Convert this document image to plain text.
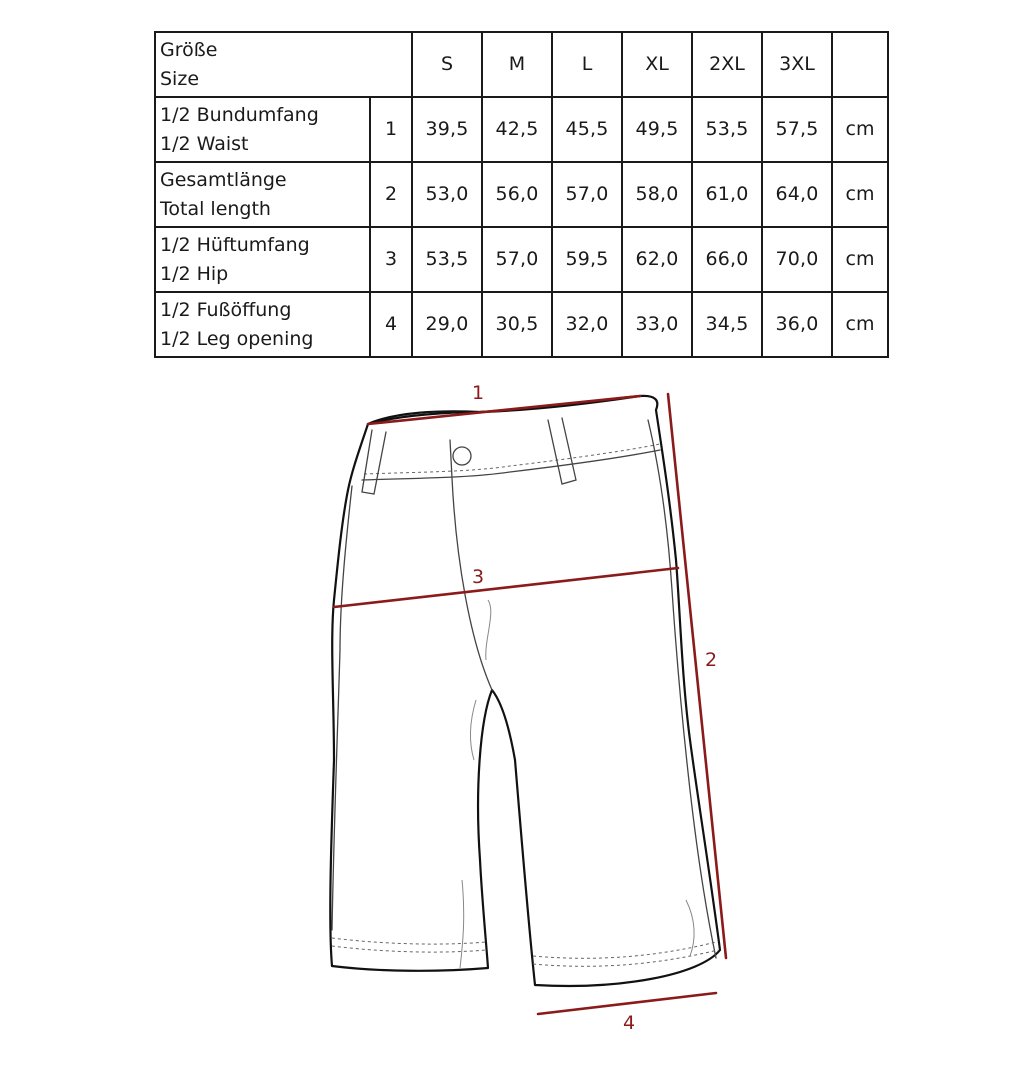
Größe
Size		S	M	L	XL	2XL	3XL	

1/2 Bundumfang
1/2 Waist	1	39,5	42,5	45,5	49,5	53,5	57,5	cm

Gesamtlänge
Total length	2	53,0	56,0	57,0	58,0	61,0	64,0	cm

1/2 Hüftumfang
1/2 Hip	3	53,5	57,0	59,5	62,0	66,0	70,0	cm

1/2 Fußöffung
1/2 Leg opening	4	29,0	30,5	32,0	33,0	34,5	36,0	cm
1
2
3
4
